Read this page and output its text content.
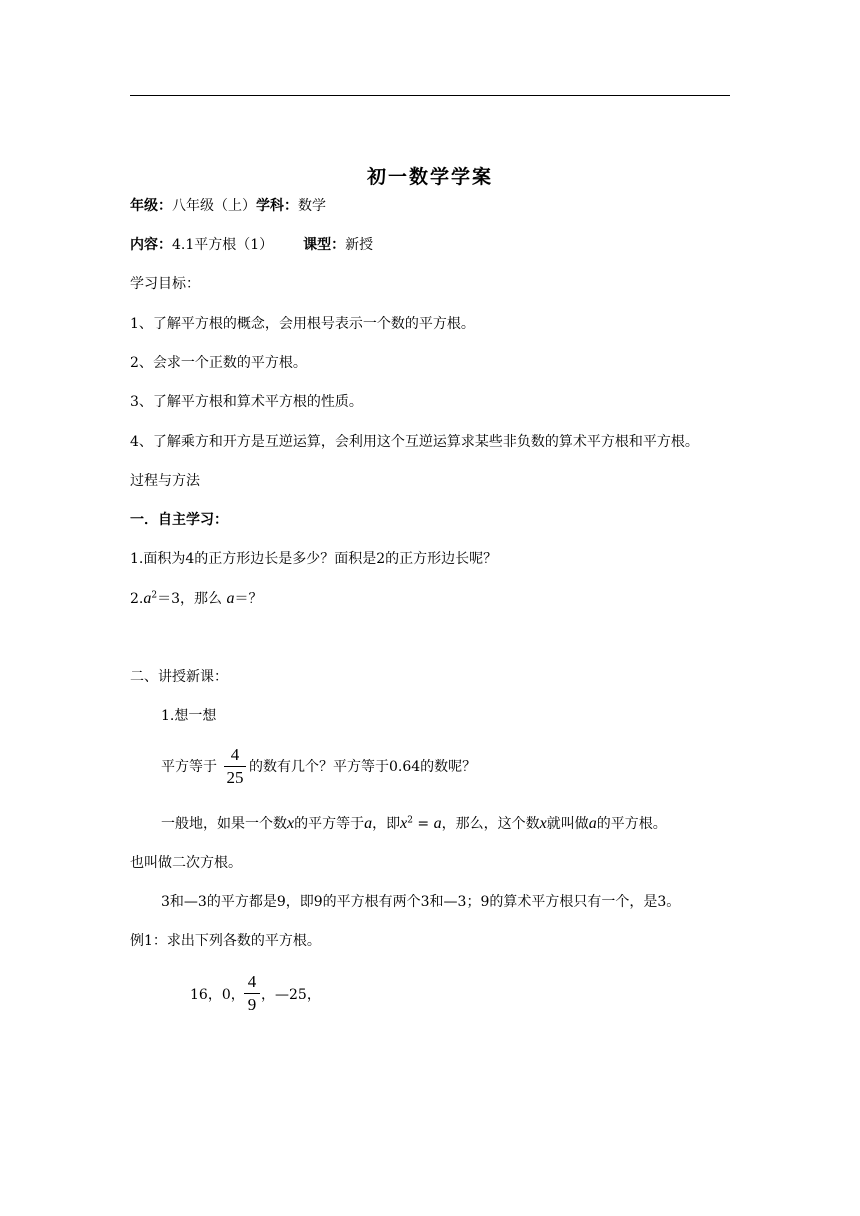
初一数学学案
年级：八年级（上）学科：数学
内容：4.1平方根（1） 课型：新授
学习目标：
1、了解平方根的概念，会用根号表示一个数的平方根。
2、会求一个正数的平方根。
3、了解平方根和算术平方根的性质。
4、了解乘方和开方是互逆运算，会利用这个互逆运算求某些非负数的算术平方根和平方根。
过程与方法
一．自主学习：
1.面积为4的正方形边长是多少？面积是2的正方形边长呢？
$2.a^2=3$，那么 a＝？
二、讲授新课：
1.想一想
平方等于
4
25
的数有几个？平方等于0.64的数呢？
一般地，如果一个数x的平方等于a，即$x^2 = a$，那么，这个数x就叫做a的平方根。
也叫做二次方根。
3和—3的平方都是9，即9的平方根有两个3和—3；9的算术平方根只有一个，是3。
例1：求出下列各数的平方根。
16，0，
4
9 ，—25，
